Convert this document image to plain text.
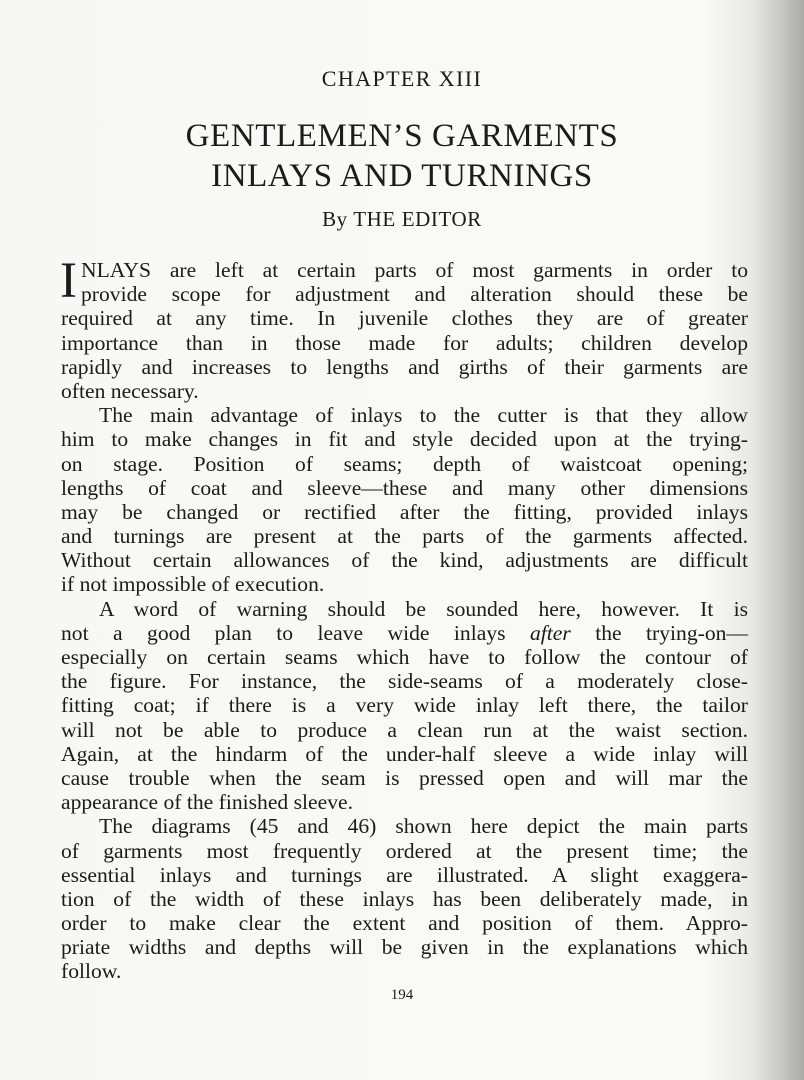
CHAPTER XIII
GENTLEMEN’S GARMENTS
INLAYS AND TURNINGS
By THE EDITOR
I NLAYS are left at certain parts of most garments in order to
provide scope for adjustment and alteration should these be
required at any time. In juvenile clothes they are of greater
importance than in those made for adults; children develop
rapidly and increases to lengths and girths of their garments are
often necessary.
The main advantage of inlays to the cutter is that they allow
him to make changes in fit and style decided upon at the trying-
on stage. Position of seams; depth of waistcoat opening;
lengths of coat and sleeve—these and many other dimensions
may be changed or rectified after the fitting, provided inlays
and turnings are present at the parts of the garments affected.
Without certain allowances of the kind, adjustments are difficult
if not impossible of execution.
A word of warning should be sounded here, however. It is
not a good plan to leave wide inlays after the trying-on—
especially on certain seams which have to follow the contour of
the figure. For instance, the side-seams of a moderately close-
fitting coat; if there is a very wide inlay left there, the tailor
will not be able to produce a clean run at the waist section.
Again, at the hindarm of the under-half sleeve a wide inlay will
cause trouble when the seam is pressed open and will mar the
appearance of the finished sleeve.
The diagrams (45 and 46) shown here depict the main parts
of garments most frequently ordered at the present time; the
essential inlays and turnings are illustrated. A slight exaggera-
tion of the width of these inlays has been deliberately made, in
order to make clear the extent and position of them. Appro-
priate widths and depths will be given in the explanations which
follow.
194
